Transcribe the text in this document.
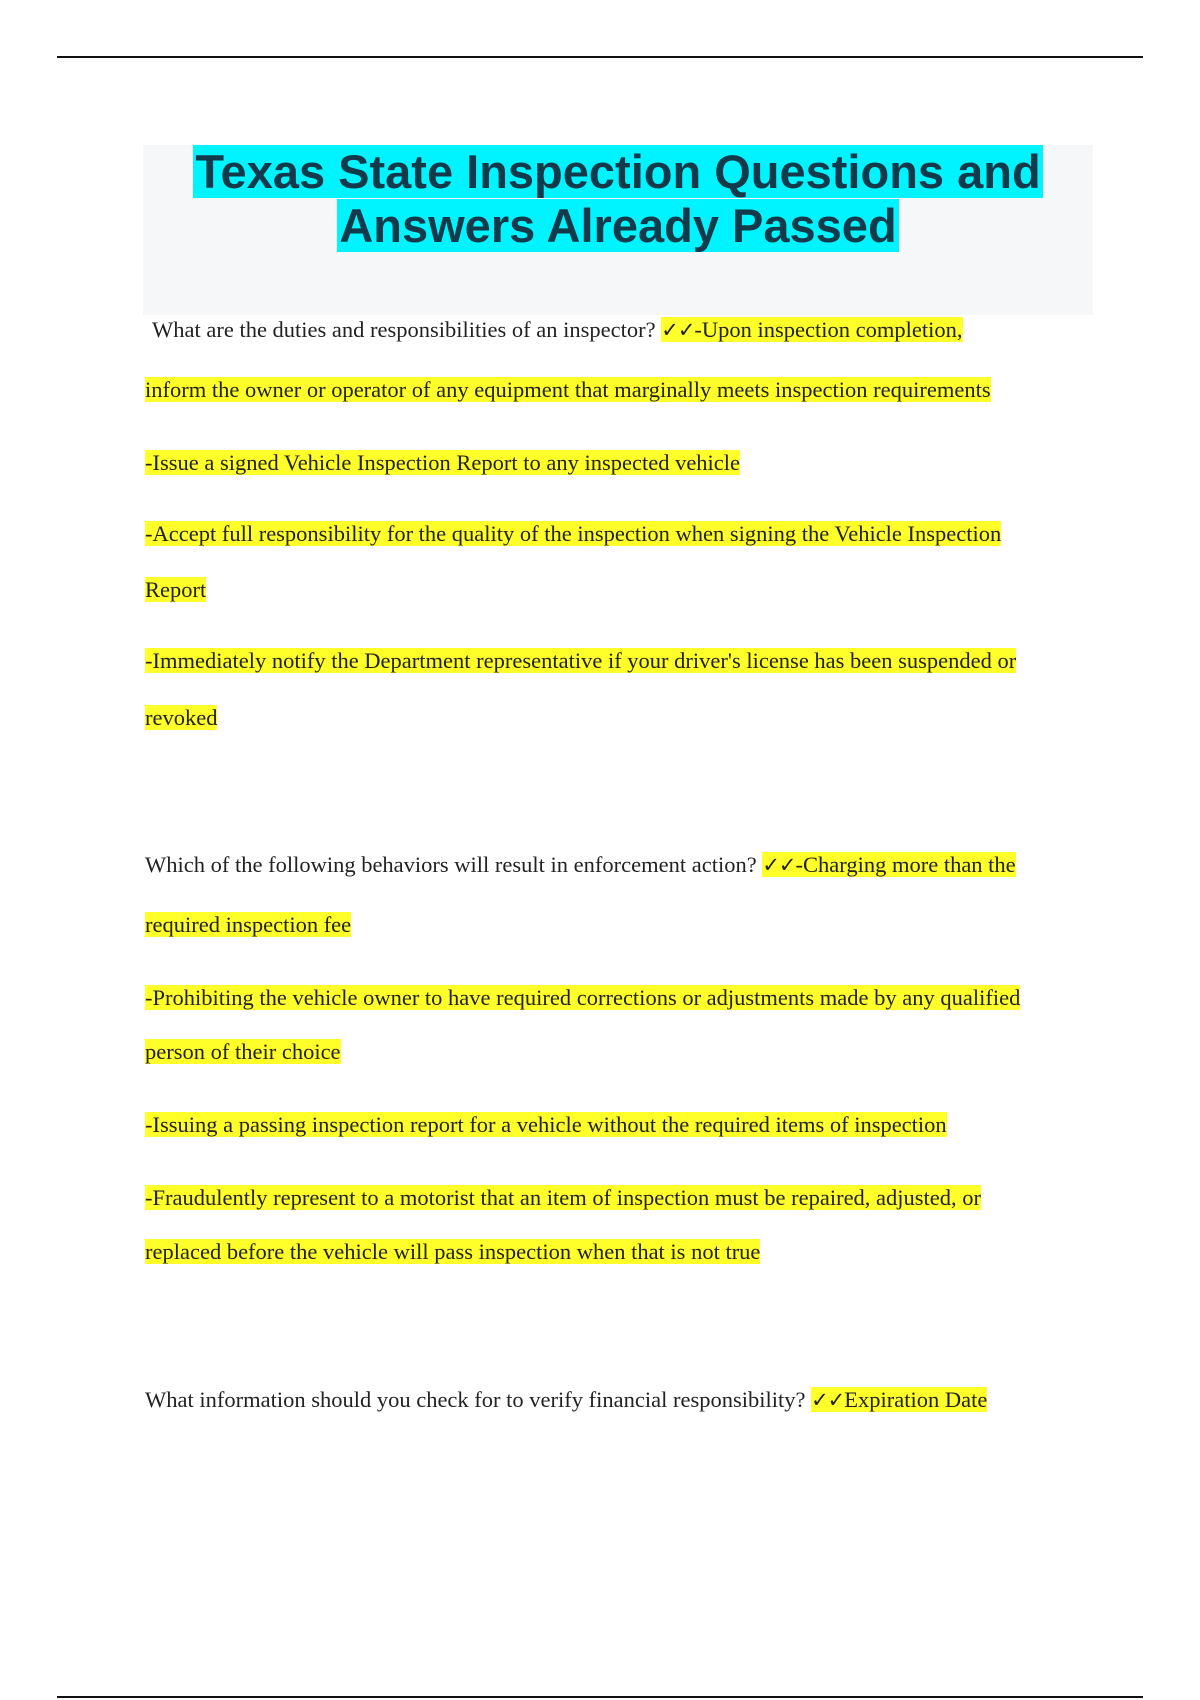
Texas State Inspection Questions and
Answers Already Passed
What are the duties and responsibilities of an inspector? ✓✓-Upon inspection completion,
inform the owner or operator of any equipment that marginally meets inspection requirements
-Issue a signed Vehicle Inspection Report to any inspected vehicle
-Accept full responsibility for the quality of the inspection when signing the Vehicle Inspection
Report
-Immediately notify the Department representative if your driver's license has been suspended or
revoked
Which of the following behaviors will result in enforcement action? ✓✓-Charging more than the
required inspection fee
-Prohibiting the vehicle owner to have required corrections or adjustments made by any qualified
person of their choice
-Issuing a passing inspection report for a vehicle without the required items of inspection
-Fraudulently represent to a motorist that an item of inspection must be repaired, adjusted, or
replaced before the vehicle will pass inspection when that is not true
What information should you check for to verify financial responsibility? ✓✓Expiration Date
